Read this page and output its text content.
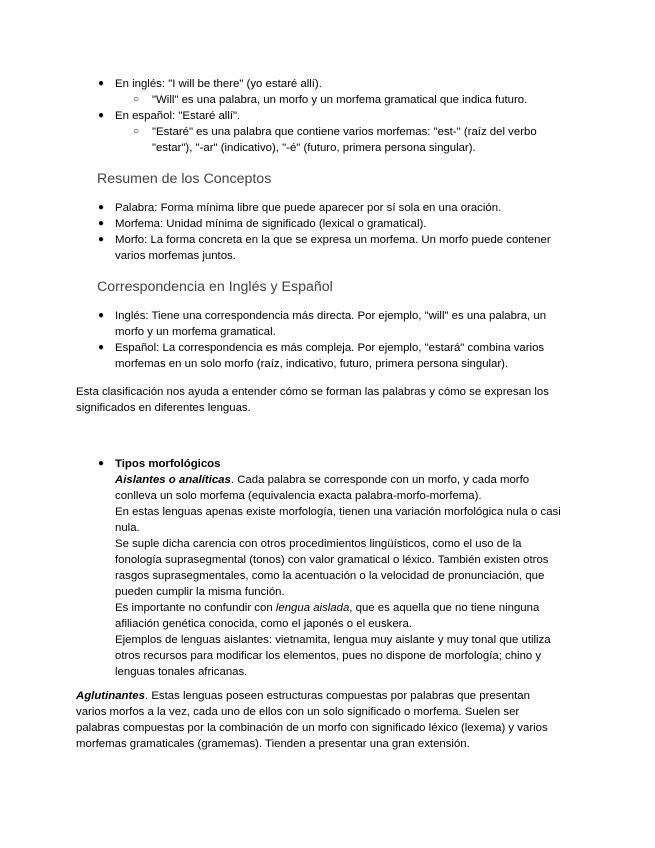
● En inglés: "I will be there" (yo estaré allí).
○ "Will" es una palabra, un morfo y un morfema gramatical que indica futuro.
● En español: "Estaré allí".
○ "Estaré" es una palabra que contiene varios morfemas: "est-" (raíz del verbo
"estar"), "-ar" (indicativo), "-é" (futuro, primera persona singular).
Resumen de los Conceptos
● Palabra: Forma mínima libre que puede aparecer por sí sola en una oración.
● Morfema: Unidad mínima de significado (lexical o gramatical).
● Morfo: La forma concreta en la que se expresa un morfema. Un morfo puede contener
varios morfemas juntos.
Correspondencia en Inglés y Español
● Inglés: Tiene una correspondencia más directa. Por ejemplo, "will" es una palabra, un
morfo y un morfema gramatical.
● Español: La correspondencia es más compleja. Por ejemplo, "estará" combina varios
morfemas en un solo morfo (raíz, indicativo, futuro, primera persona singular).
Esta clasificación nos ayuda a entender cómo se forman las palabras y cómo se expresan los
significados en diferentes lenguas.
● Tipos morfológicos
Aislantes o analíticas. Cada palabra se corresponde con un morfo, y cada morfo
conlleva un solo morfema (equivalencia exacta palabra-morfo-morfema).
En estas lenguas apenas existe morfología, tienen una variación morfológica nula o casi
nula.
Se suple dicha carencia con otros procedimientos lingüísticos, como el uso de la
fonología suprasegmental (tonos) con valor gramatical o léxico. También existen otros
rasgos suprasegmentales, como la acentuación o la velocidad de pronunciación, que
pueden cumplir la misma función.
Es importante no confundir con lengua aislada, que es aquella que no tiene ninguna
afiliación genética conocida, como el japonés o el euskera.
Ejemplos de lenguas aislantes: vietnamita, lengua muy aislante y muy tonal que utiliza
otros recursos para modificar los elementos, pues no dispone de morfología; chino y
lenguas tonales africanas.
Aglutinantes. Estas lenguas poseen estructuras compuestas por palabras que presentan
varios morfos a la vez, cada uno de ellos con un solo significado o morfema. Suelen ser
palabras compuestas por la combinación de un morfo con significado léxico (lexema) y varios
morfemas gramaticales (gramemas). Tienden a presentar una gran extensión.
